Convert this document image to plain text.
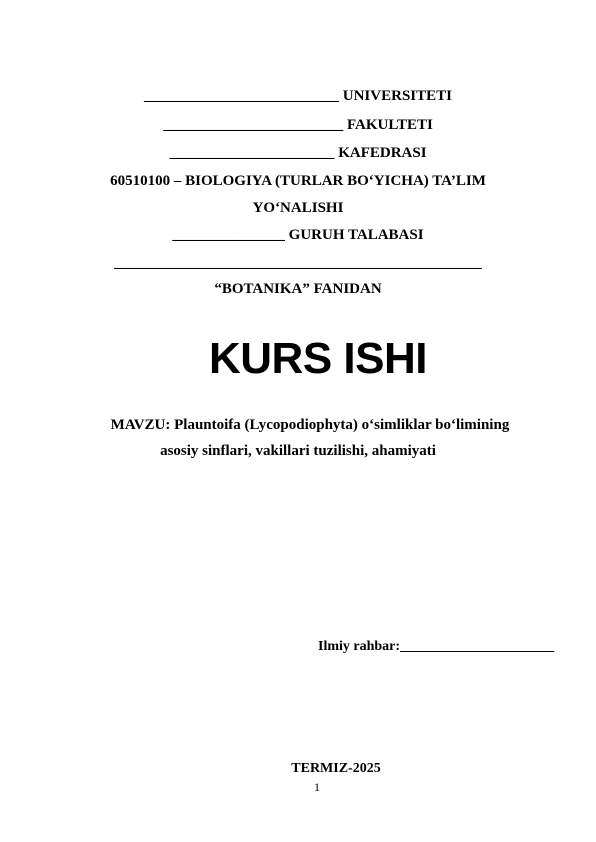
__________________________ UNIVERSITETI
________________________ FAKULTETI
______________________ KAFEDRASI
60510100 – BIOLOGIYA (TURLAR BO‘YICHA) TA’LIM
YO‘NALISHI
_______________ GURUH TALABASI
_________________________________________________
“BOTANIKA” FANIDAN
KURS ISHI
MAVZU: Plauntoifa (Lycopodiophyta) o‘simliklar bo‘limining
asosiy sinflari, vakillari tuzilishi, ahamiyati
Ilmiy rahbar:______________________
TERMIZ-2025
1
